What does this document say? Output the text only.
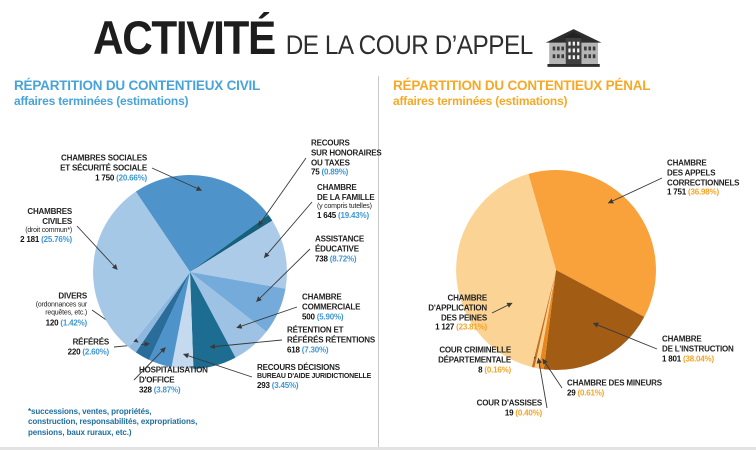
ACTIVITÉ DE LA COUR D’APPEL
RÉPARTITION DU CONTENTIEUX CIVIL
affaires terminées (estimations)
RÉPARTITION DU CONTENTIEUX PÉNAL
affaires terminées (estimations)
CHAMBRES SOCIALES
ET SÉCURITÉ SOCIALE
1 750 (20.66%)
RECOURS
SUR HONORAIRES
OU TAXES
75 (0.89%)
CHAMBRE
DE LA FAMILLE
(y compris tutelles)
1 645 (19.43%)
ASSISTANCE
ÉDUCATIVE
738 (8.72%)
CHAMBRE
COMMERCIALE
500 (5.90%)
RÉTENTION ET
RÉFÉRÉS RÉTENTIONS
618 (7.30%)
RECOURS DÉCISIONS
BUREAU D'AIDE JURIDICTIONELLE
293 (3.45%)
HOSPITALISATION
D'OFFICE
328 (3.87%)
RÉFÉRÉS
220 (2.60%)
DIVERS
(ordonnances sur requêtes, etc.)
120 (1.42%)
CHAMBRES
CIVILES
(droit commun*)
2 181 (25.76%)
CHAMBRE
DES APPELS
CORRECTIONNELS
1 751 (36.98%)
CHAMBRE
DE L'INSTRUCTION
1 801 (38.04%)
CHAMBRE DES MINEURS
29 (0.61%)
COUR D'ASSISES
19 (0.40%)
COUR CRIMINELLE
DÉPARTEMENTALE
8 (0.16%)
CHAMBRE
D'APPLICATION
DES PEINES
1 127 (23.81%)
*successions, ventes, propriétés,
construction, responsabilités, expropriations,
pensions, baux ruraux, etc.)
